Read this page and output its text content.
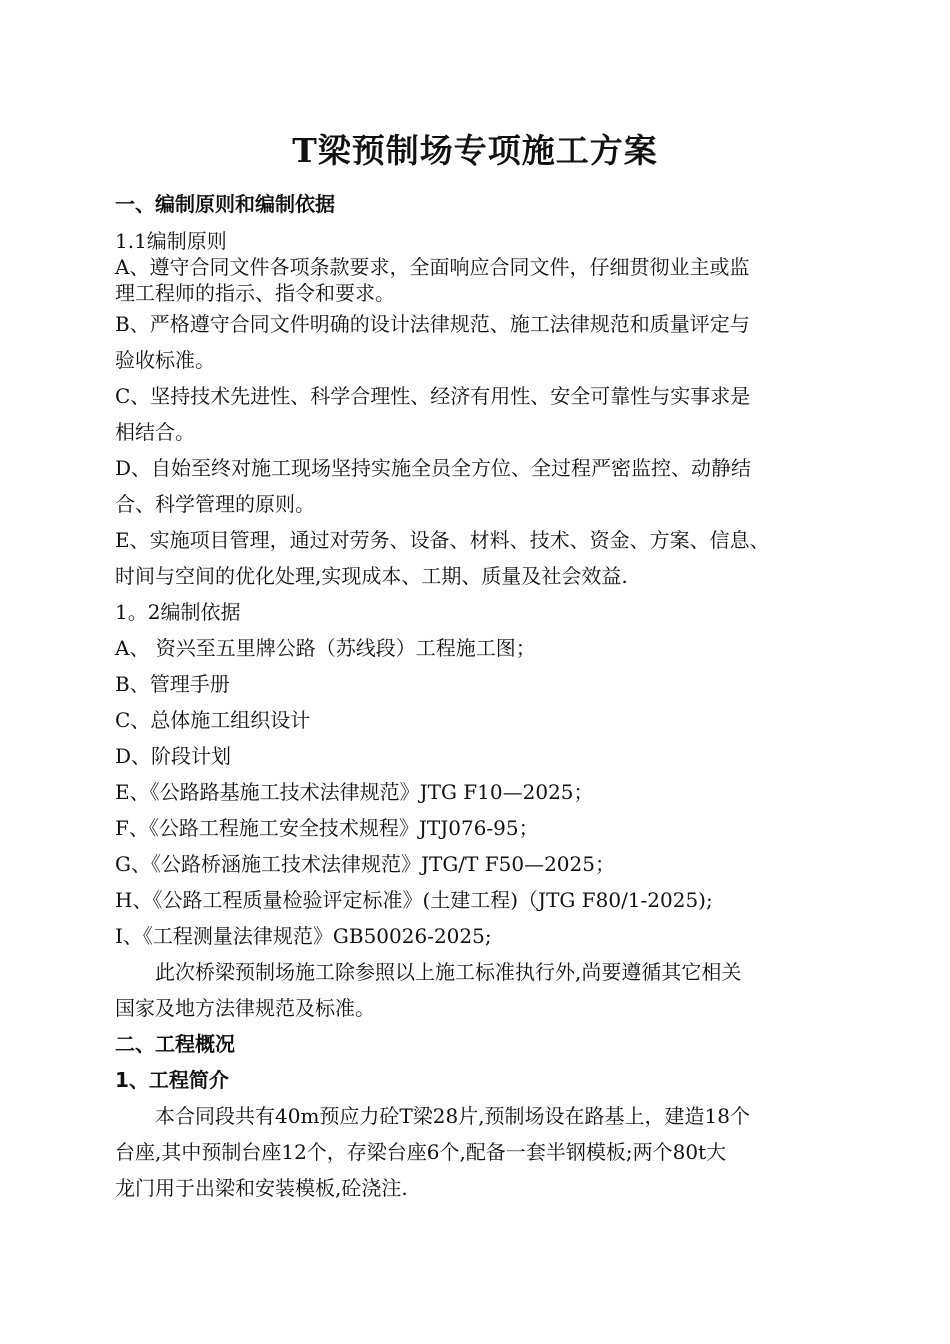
T梁预制场专项施工方案
一、编制原则和编制依据
1.1编制原则
A、遵守合同文件各项条款要求，全面响应合同文件，仔细贯彻业主或监
理工程师的指示、指令和要求。
B、严格遵守合同文件明确的设计法律规范、施工法律规范和质量评定与
验收标准。
C、坚持技术先进性、科学合理性、经济有用性、安全可靠性与实事求是
相结合。
D、自始至终对施工现场坚持实施全员全方位、全过程严密监控、动静结
合、科学管理的原则。
E、实施项目管理，通过对劳务、设备、材料、技术、资金、方案、信息、
时间与空间的优化处理,实现成本、工期、质量及社会效益.
1。2编制依据
A、 资兴至五里牌公路（苏线段）工程施工图；
B、管理手册
C、总体施工组织设计
D、阶段计划
E、《公路路基施工技术法律规范》JTG F10—2025；
F、《公路工程施工安全技术规程》JTJ076-95；
G、《公路桥涵施工技术法律规范》JTG/T F50—2025；
H、《公路工程质量检验评定标准》(土建工程)（JTG F80/1-2025);
I、《工程测量法律规范》GB50026-2025;
此次桥梁预制场施工除参照以上施工标准执行外,尚要遵循其它相关
国家及地方法律规范及标准。
二、工程概况
1、工程简介
本合同段共有40m预应力砼T梁28片,预制场设在路基上，建造18个
台座,其中预制台座12个，存梁台座6个,配备一套半钢模板;两个80t大
龙门用于出梁和安装模板,砼浇注.
